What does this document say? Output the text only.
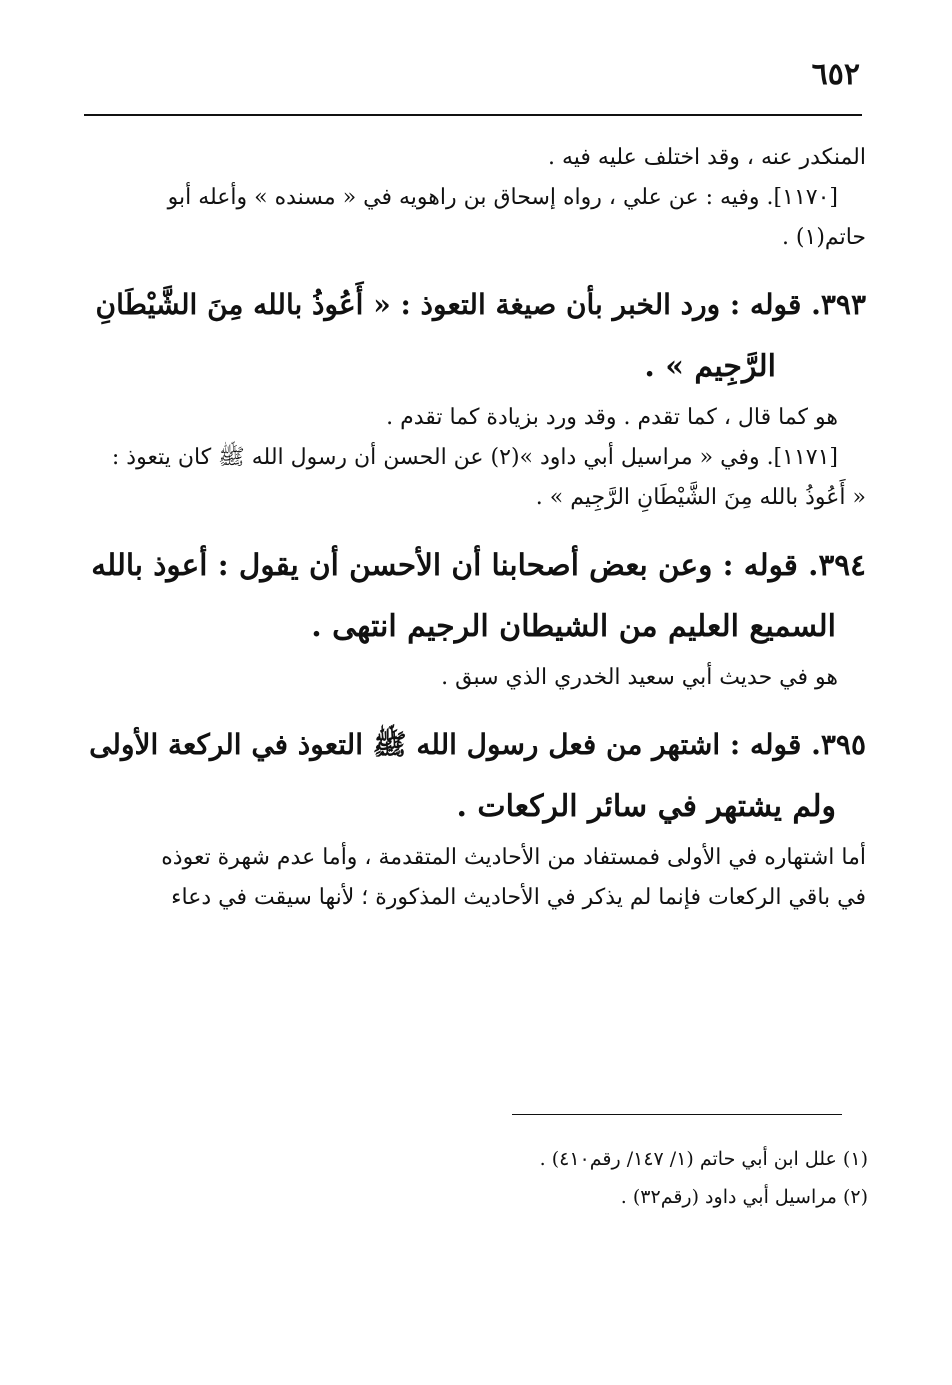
٦٥٢
المنكدر عنه ، وقد اختلف عليه فيه .
[١١٧٠]. وفيه : عن علي ، رواه إسحاق بن راهويه في « مسنده » وأعله أبو
حاتم(١) .
٣٩٣. قوله : ورد الخبر بأن صيغة التعوذ : « أَعُوذُ بالله مِنَ الشَّيْطَانِ
الرَّجِيم » .
هو كما قال ، كما تقدم . وقد ورد بزيادة كما تقدم .
[١١٧١]. وفي « مراسيل أبي داود »(٢) عن الحسن أن رسول الله ﷺ كان يتعوذ :
« أَعُوذُ بالله مِنَ الشَّيْطَانِ الرَّجِيم » .
٣٩٤. قوله : وعن بعض أصحابنا أن الأحسن أن يقول : أعوذ بالله
السميع العليم من الشيطان الرجيم انتهى .
هو في حديث أبي سعيد الخدري الذي سبق .
٣٩٥. قوله : اشتهر من فعل رسول الله ﷺ التعوذ في الركعة الأولى
ولم يشتهر في سائر الركعات .
أما اشتهاره في الأولى فمستفاد من الأحاديث المتقدمة ، وأما عدم شهرة تعوذه
في باقي الركعات فإنما لم يذكر في الأحاديث المذكورة ؛ لأنها سيقت في دعاء
(١) علل ابن أبي حاتم (١/ ١٤٧/ رقم٤١٠) .
(٢) مراسيل أبي داود (رقم٣٢) .
